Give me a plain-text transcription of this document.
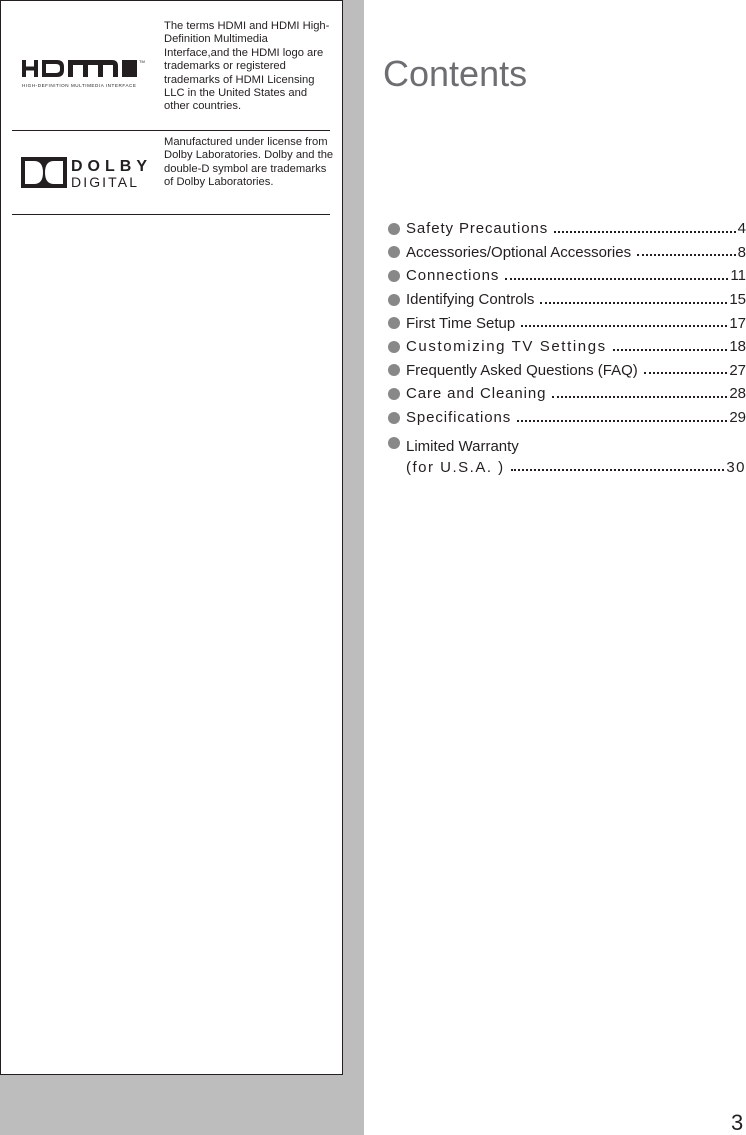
TM
HIGH-DEFINITION MULTIMEDIA INTERFACE
The terms HDMI and HDMI High-Definition Multimedia Interface,and the HDMI logo are trademarks or registered trademarks of HDMI Licensing LLC in the United States and other countries.
DOLBY
DIGITAL
Manufactured under license from Dolby Laboratories. Dolby and the double-D symbol are trademarks of Dolby Laboratories.
Contents
Safety Precautions	4
Accessories/Optional Accessories	8
Connections	11
Identifying Controls	15
First Time Setup	17
Customizing TV Settings	18
Frequently Asked Questions (FAQ)	27
Care and Cleaning	28
Specifications	29
Limited Warranty
(for U.S.A. )	30
3
